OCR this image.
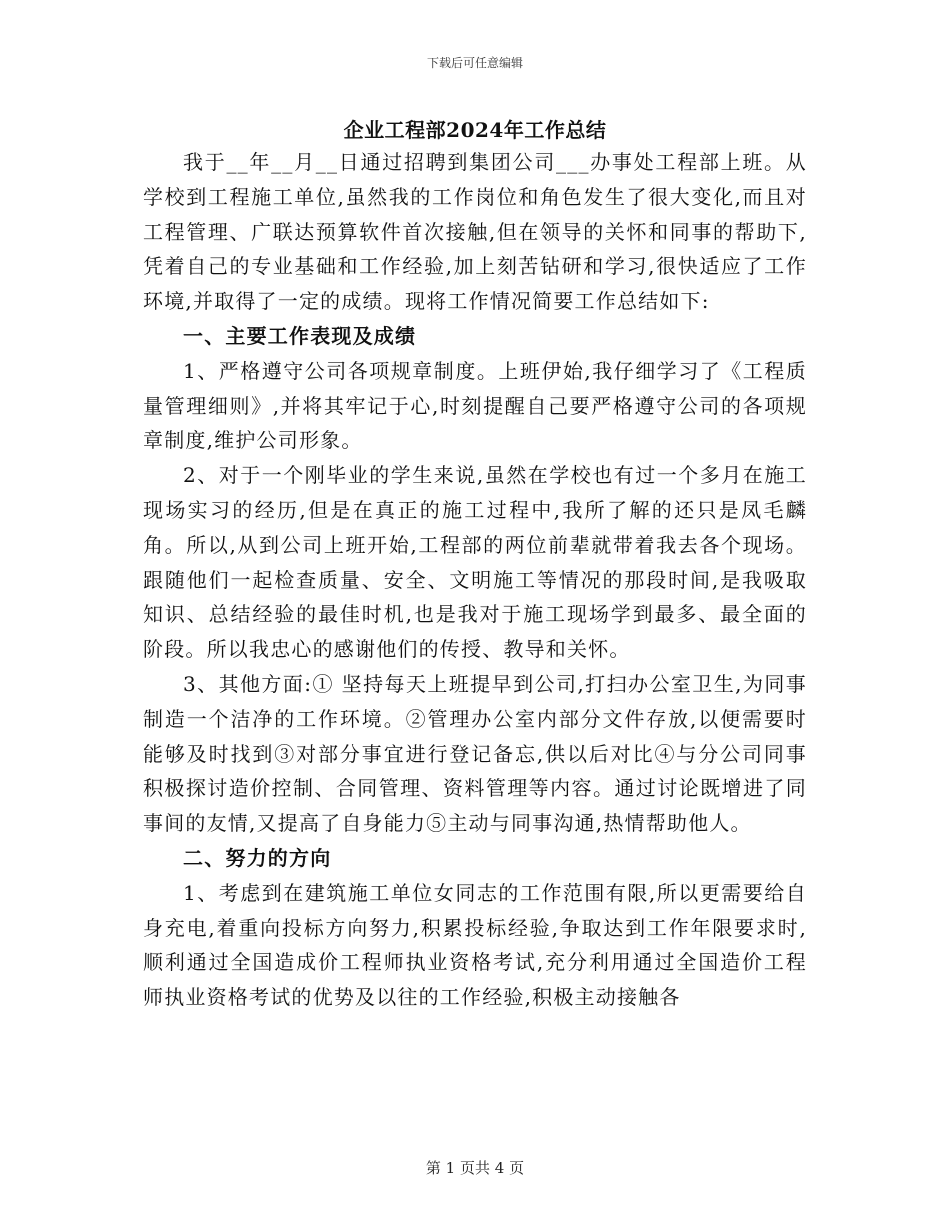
下载后可任意编辑
企业工程部2024年工作总结

我于__年__月__日通过招聘到集团公司___办事处工程部上班。从学校到工程施工单位,虽然我的工作岗位和角色发生了很大变化,而且对工程管理、广联达预算软件首次接触,但在领导的关怀和同事的帮助下,凭着自己的专业基础和工作经验,加上刻苦钻研和学习,很快适应了工作环境,并取得了一定的成绩。现将工作情况简要工作总结如下:

一、主要工作表现及成绩

1、严格遵守公司各项规章制度。上班伊始,我仔细学习了《工程质量管理细则》,并将其牢记于心,时刻提醒自己要严格遵守公司的各项规章制度,维护公司形象。

2、对于一个刚毕业的学生来说,虽然在学校也有过一个多月在施工现场实习的经历,但是在真正的施工过程中,我所了解的还只是凤毛麟角。所以,从到公司上班开始,工程部的两位前辈就带着我去各个现场。跟随他们一起检查质量、安全、文明施工等情况的那段时间,是我吸取知识、总结经验的最佳时机,也是我对于施工现场学到最多、最全面的阶段。所以我忠心的感谢他们的传授、教导和关怀。

3、其他方面:① 坚持每天上班提早到公司,打扫办公室卫生,为同事制造一个洁净的工作环境。②管理办公室内部分文件存放,以便需要时能够及时找到③对部分事宜进行登记备忘,供以后对比④与分公司同事积极探讨造价控制、合同管理、资料管理等内容。通过讨论既增进了同事间的友情,又提高了自身能力⑤主动与同事沟通,热情帮助他人。

二、努力的方向

1、考虑到在建筑施工单位女同志的工作范围有限,所以更需要给自身充电,着重向投标方向努力,积累投标经验,争取达到工作年限要求时,顺利通过全国造成价工程师执业资格考试,充分利用通过全国造价工程师执业资格考试的优势及以往的工作经验,积极主动接触各

第 1 页共 4 页
